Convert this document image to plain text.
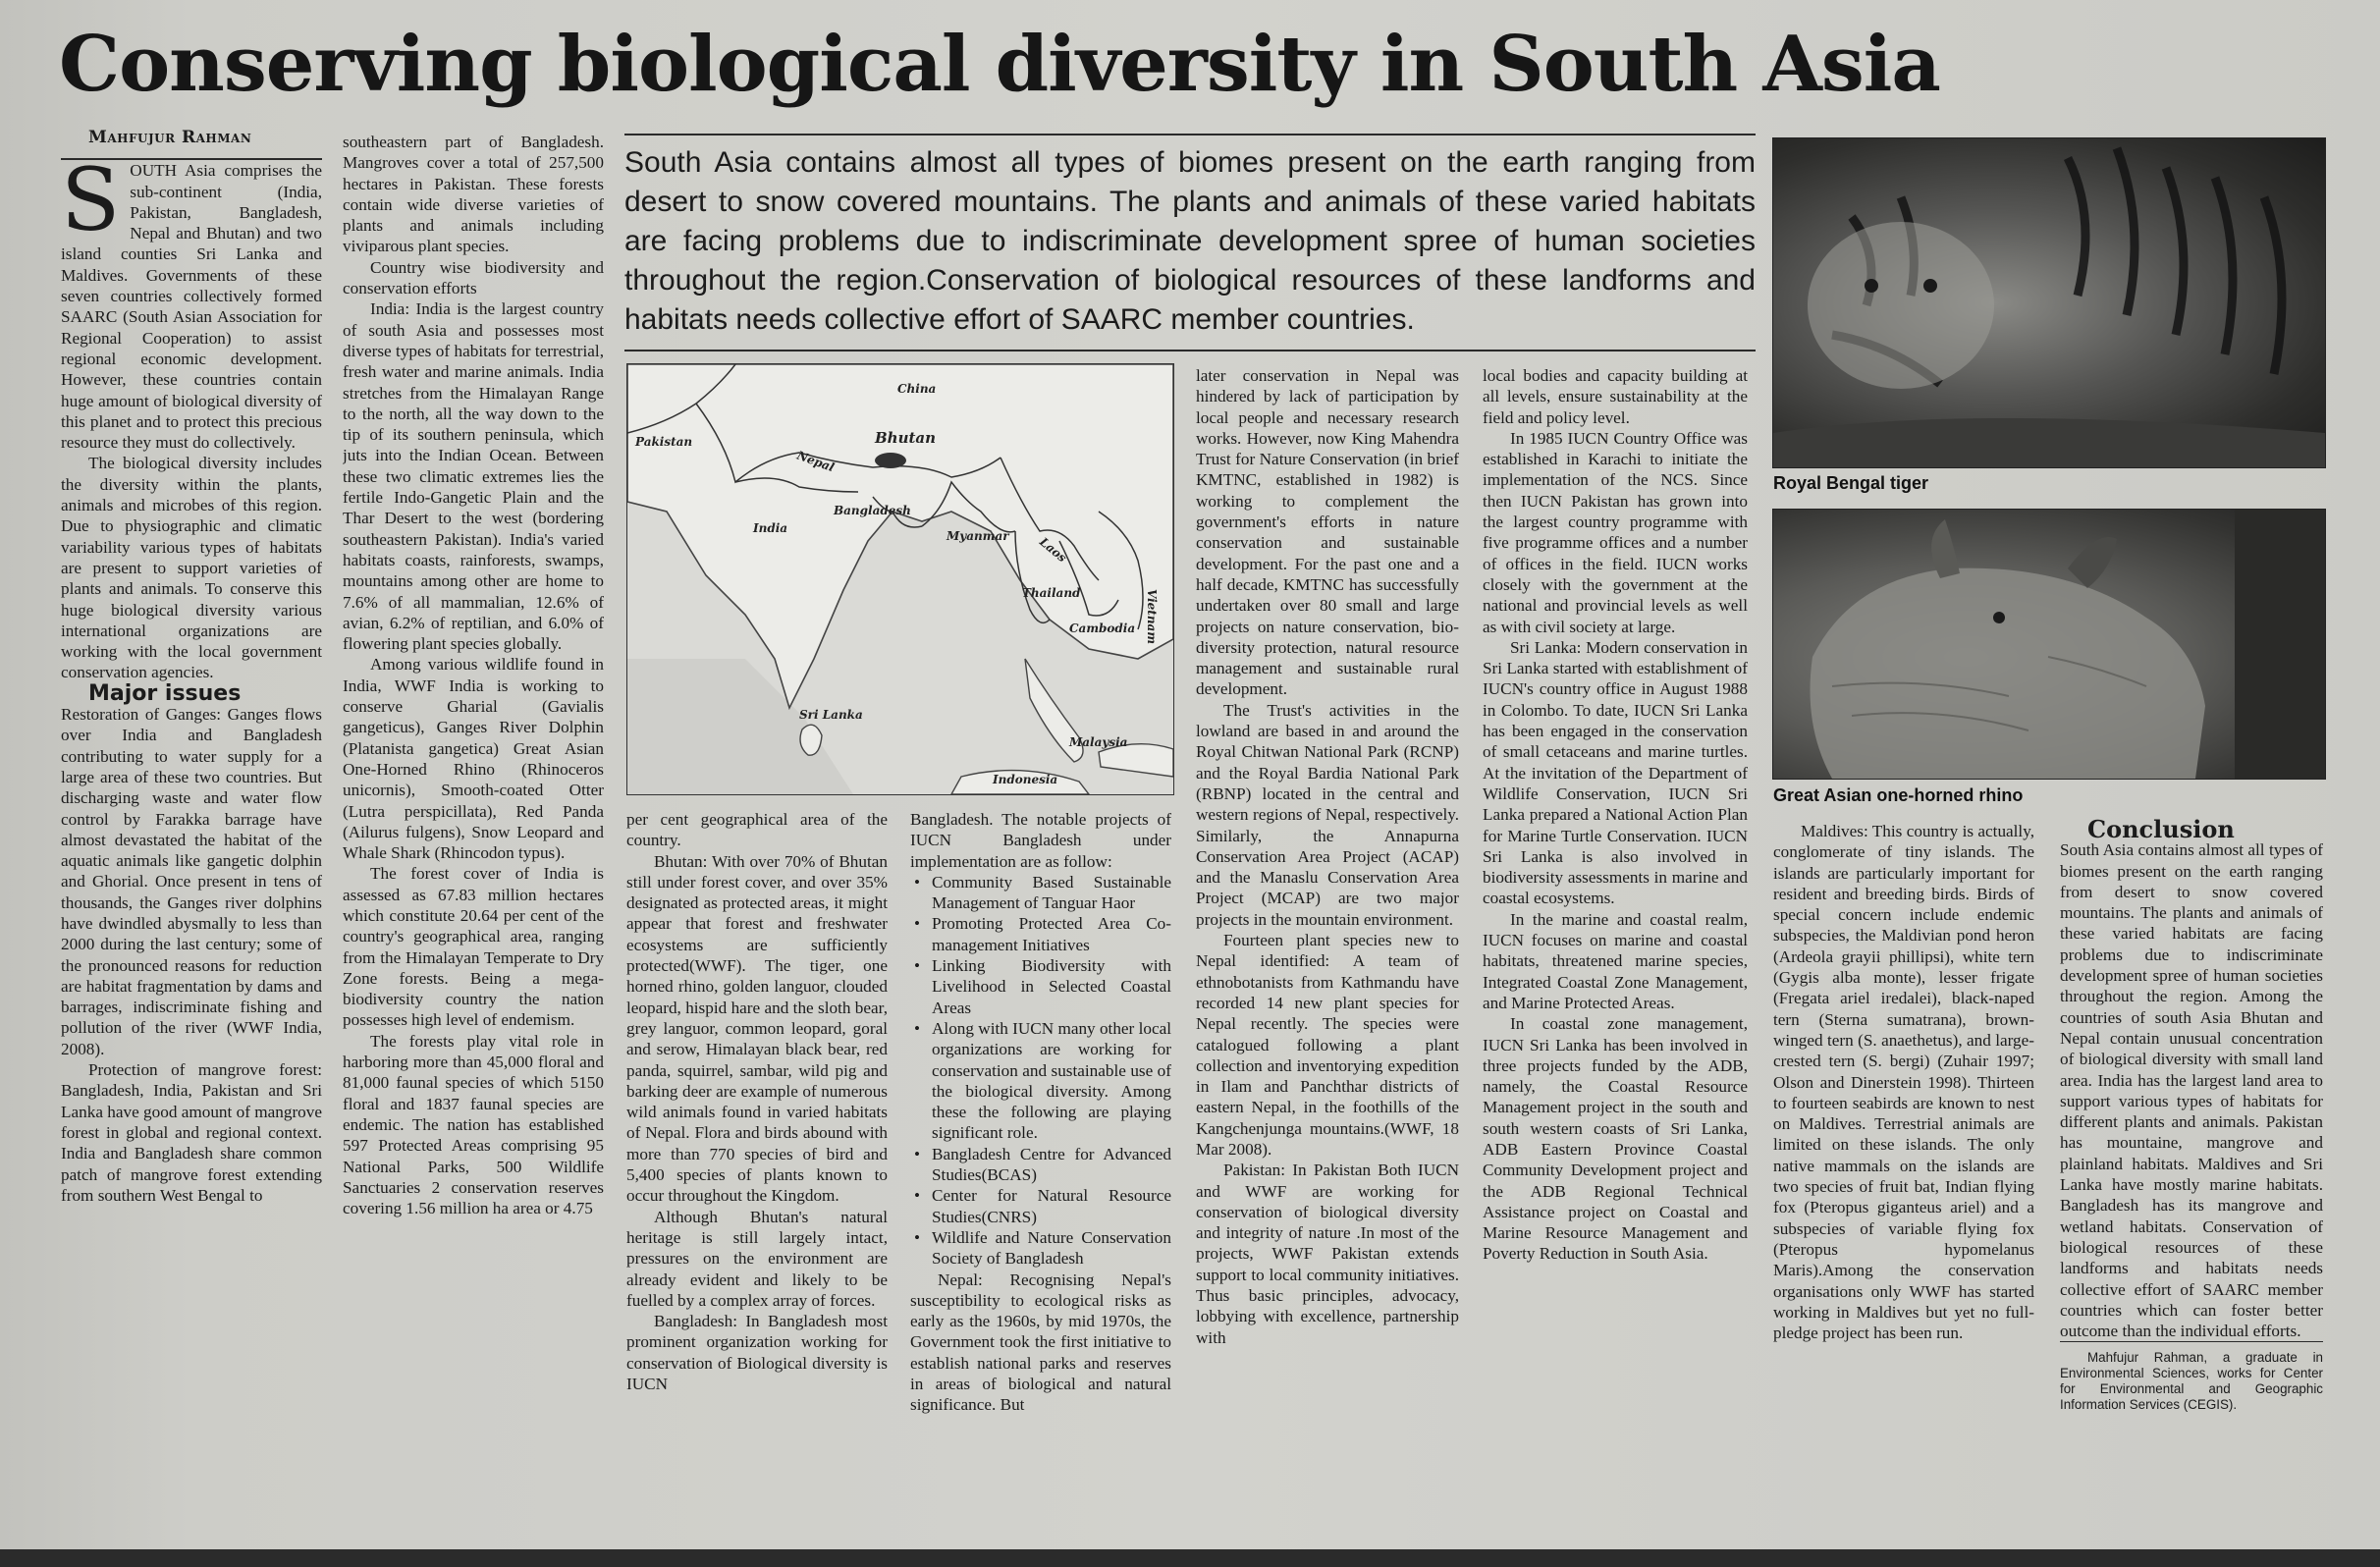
Conserving biological diversity in South Asia

Mahfujur Rahman

SOUTH Asia comprises the sub-continent (India, Pakistan, Bangladesh, Nepal and Bhutan) and two island counties Sri Lanka and Maldives. Governments of these seven countries collectively formed SAARC (South Asian Association for Regional Cooperation) to assist regional economic development. However, these countries contain huge amount of biological diversity of this planet and to protect this precious resource they must do collectively.

The biological diversity includes the diversity within the plants, animals and microbes of this region. Due to physiographic and climatic variability various types of habitats are present to support varieties of plants and animals. To conserve this huge biological diversity various international organizations are working with the local government conservation agencies.

Major issues

Restoration of Ganges: Ganges flows over India and Bangladesh contributing to water supply for a large area of these two countries. But discharging waste and water flow control by Farakka barrage have almost devastated the habitat of the aquatic animals like gangetic dolphin and Ghorial. Once present in tens of thousands, the Ganges river dolphins have dwindled abysmally to less than 2000 during the last century; some of the pronounced reasons for reduction are habitat fragmentation by dams and barrages, indiscriminate fishing and pollution of the river (WWF India, 2008).

Protection of mangrove forest: Bangladesh, India, Pakistan and Sri Lanka have good amount of mangrove forest in global and regional context. India and Bangladesh share common patch of mangrove forest extending from southern West Bengal to

southeastern part of Bangladesh. Mangroves cover a total of 257,500 hectares in Pakistan. These forests contain wide diverse varieties of plants and animals including viviparous plant species.

Country wise biodiversity and conservation efforts

India: India is the largest country of south Asia and possesses most diverse types of habitats for terrestrial, fresh water and marine animals. India stretches from the Himalayan Range to the north, all the way down to the tip of its southern peninsula, which juts into the Indian Ocean. Between these two climatic extremes lies the fertile Indo-Gangetic Plain and the Thar Desert to the west (bordering southeastern Pakistan). India's varied habitats coasts, rainforests, swamps, mountains among other are home to 7.6% of all mammalian, 12.6% of avian, 6.2% of reptilian, and 6.0% of flowering plant species globally.

Among various wildlife found in India, WWF India is working to conserve Gharial (Gavialis gangeticus), Ganges River Dolphin (Platanista gangetica) Great Asian One-Horned Rhino (Rhinoceros unicornis), Smooth-coated Otter (Lutra perspicillata), Red Panda (Ailurus fulgens), Snow Leopard and Whale Shark (Rhincodon typus).

The forest cover of India is assessed as 67.83 million hectares which constitute 20.64 per cent of the country's geographical area, ranging from the Himalayan Temperate to Dry Zone forests. Being a mega-biodiversity country the nation possesses high level of endemism.

The forests play vital role in harboring more than 45,000 floral and 81,000 faunal species of which 5150 floral and 1837 faunal species are endemic. The nation has established 597 Protected Areas comprising 95 National Parks, 500 Wildlife Sanctuaries 2 conservation reserves covering 1.56 million ha area or 4.75

South Asia contains almost all types of biomes present on the earth ranging from desert to snow covered mountains. The plants and animals of these varied habitats are facing problems due to indiscriminate development spree of human societies throughout the region.Conservation of biological resources of these landforms and habitats needs collective effort of SAARC member countries.

China
Pakistan
Nepal
Bhutan
Bangladesh
India
Myanmar Laos
Thailand	Vietnam
Cambodia
Sri Lanka
Malaysia
Indonesia

per cent geographical area of the country.

Bhutan: With over 70% of Bhutan still under forest cover, and over 35% designated as protected areas, it might appear that forest and freshwater ecosystems are sufficiently protected(WWF). The tiger, one horned rhino, golden languor, clouded leopard, hispid hare and the sloth bear, grey languor, common leopard, goral and serow, Himalayan black bear, red panda, squirrel, sambar, wild pig and barking deer are example of numerous wild animals found in varied habitats of Nepal. Flora and birds abound with more than 770 species of bird and 5,400 species of plants known to occur throughout the Kingdom.

Although Bhutan's natural heritage is still largely intact, pressures on the environment are already evident and likely to be fuelled by a complex array of forces.

Bangladesh: In Bangladesh most prominent organization working for conservation of Biological diversity is IUCN

Bangladesh. The notable projects of IUCN Bangladesh under implementation are as follow:

• Community Based Sustainable Management of Tanguar Haor
• Promoting Protected Area Co-management Initiatives
• Linking Biodiversity with Livelihood in Selected Coastal Areas
• Along with IUCN many other local organizations are working for conservation and sustainable use of the biological diversity. Among these the following are playing significant role.
• Bangladesh Centre for Advanced Studies(BCAS)
• Center for Natural Resource Studies(CNRS)
• Wildlife and Nature Conservation Society of Bangladesh

Nepal: Recognising Nepal's susceptibility to ecological risks as early as the 1960s, by mid 1970s, the Government took the first initiative to establish national parks and reserves in areas of biological and natural significance. But

later conservation in Nepal was hindered by lack of participation by local people and necessary research works. However, now King Mahendra Trust for Nature Conservation (in brief KMTNC, established in 1982) is working to complement the government's efforts in nature conservation and sustainable development. For the past one and a half decade, KMTNC has successfully undertaken over 80 small and large projects on nature conservation, bio-diversity protection, natural resource management and sustainable rural development.

The Trust's activities in the lowland are based in and around the Royal Chitwan National Park (RCNP) and the Royal Bardia National Park (RBNP) located in the central and western regions of Nepal, respectively. Similarly, the Annapurna Conservation Area Project (ACAP) and the Manaslu Conservation Area Project (MCAP) are two major projects in the mountain environment.

Fourteen plant species new to Nepal identified: A team of ethnobotanists from Kathmandu have recorded 14 new plant species for Nepal recently. The species were catalogued following a plant collection and inventorying expedition in Ilam and Panchthar districts of eastern Nepal, in the foothills of the Kangchenjunga mountains.(WWF, 18 Mar 2008).

Pakistan: In Pakistan Both IUCN and WWF are working for conservation of biological diversity and integrity of nature .In most of the projects, WWF Pakistan extends support to local community initiatives. Thus basic principles, advocacy, lobbying with excellence, partnership with

local bodies and capacity building at all levels, ensure sustainability at the field and policy level.

In 1985 IUCN Country Office was established in Karachi to initiate the implementation of the NCS. Since then IUCN Pakistan has grown into the largest country programme with five programme offices and a number of offices in the field. IUCN works closely with the government at the national and provincial levels as well as with civil society at large.

Sri Lanka: Modern conservation in Sri Lanka started with establishment of IUCN's country office in August 1988 in Colombo. To date, IUCN Sri Lanka has been engaged in the conservation of small cetaceans and marine turtles. At the invitation of the Department of Wildlife Conservation, IUCN Sri Lanka prepared a National Action Plan for Marine Turtle Conservation. IUCN Sri Lanka is also involved in biodiversity assessments in marine and coastal ecosystems.

In the marine and coastal realm, IUCN focuses on marine and coastal habitats, threatened marine species, Integrated Coastal Zone Management, and Marine Protected Areas.

In coastal zone management, IUCN Sri Lanka has been involved in three projects funded by the ADB, namely, the Coastal Resource Management project in the south and south western coasts of Sri Lanka, ADB Eastern Province Coastal Community Development project and the ADB Regional Technical Assistance project on Coastal and Marine Resource Management and Poverty Reduction in South Asia.

Royal Bengal tiger

Great Asian one-horned rhino

Maldives: This country is actually, conglomerate of tiny islands. The islands are particularly important for resident and breeding birds. Birds of special concern include endemic subspecies, the Maldivian pond heron (Ardeola grayii phillipsi), white tern (Gygis alba monte), lesser frigate (Fregata ariel iredalei), black-naped tern (Sterna sumatrana), brown-winged tern (S. anaethetus), and large-crested tern (S. bergi) (Zuhair 1997; Olson and Dinerstein 1998). Thirteen to fourteen seabirds are known to nest on Maldives. Terrestrial animals are limited on these islands. The only native mammals on the islands are two species of fruit bat, Indian flying fox (Pteropus giganteus ariel) and a subspecies of variable flying fox (Pteropus hypomelanus Maris).Among the conservation organisations only WWF has started working in Maldives but yet no full-pledge project has been run.

Conclusion

South Asia contains almost all types of biomes present on the earth ranging from desert to snow covered mountains. The plants and animals of these varied habitats are facing problems due to indiscriminate development spree of human societies throughout the region. Among the countries of south Asia Bhutan and Nepal contain unusual concentration of biological diversity with small land area. India has the largest land area to support various types of habitats for different plants and animals. Pakistan has mountaine, mangrove and plainland habitats. Maldives and Sri Lanka have mostly marine habitats. Bangladesh has its mangrove and wetland habitats. Conservation of biological resources of these landforms and habitats needs collective effort of SAARC member countries which can foster better outcome than the individual efforts.

Mahfujur Rahman, a graduate in Environmental Sciences, works for Center for Environmental and Geographic Information Services (CEGIS).
